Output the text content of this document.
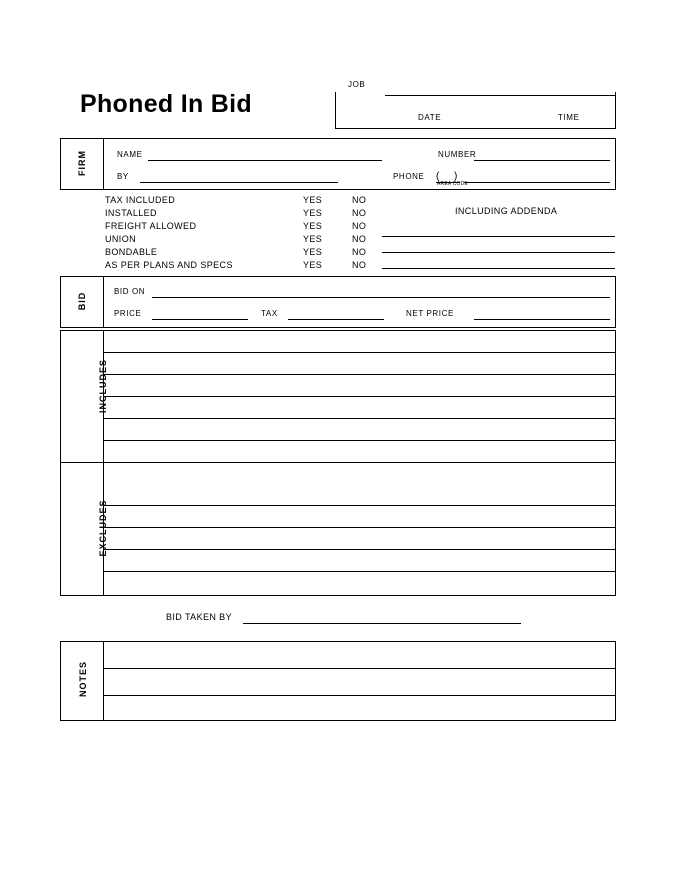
Phoned In Bid
JOB
DATE	TIME
FIRM	NAME	NUMBER
BY	PHONE ( )
AREA CODE
TAX INCLUDED	YES	NO
INSTALLED	YES	NO
FREIGHT ALLOWED	YES	NO
UNION	YES	NO
BONDABLE	YES	NO
AS PER PLANS AND SPECS	YES	NO
INCLUDING ADDENDA
BID
BID ON
PRICE	TAX	NET PRICE
INCLUDES
EXCLUDES
BID TAKEN BY
NOTES
